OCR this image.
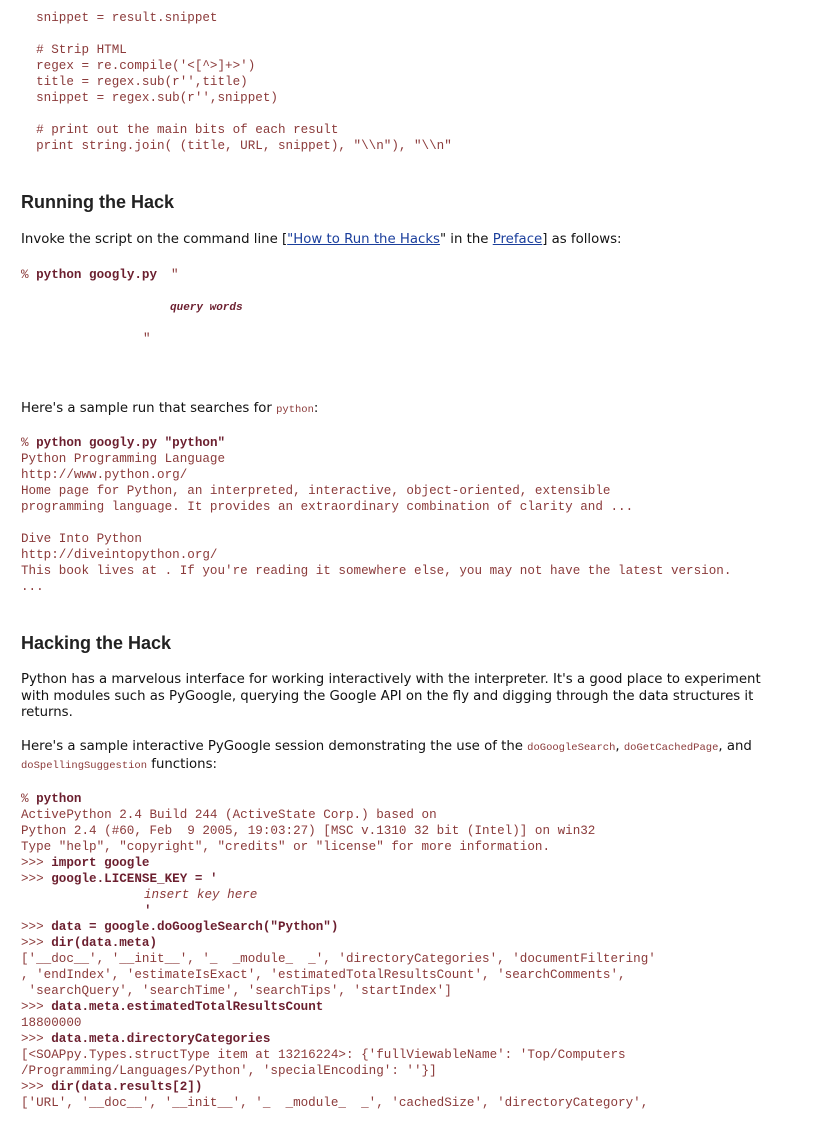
snippet = result.snippet
# Strip HTML
regex = re.compile('<[^>]+>')
title = regex.sub(r'',title)
snippet = regex.sub(r'',snippet)
# print out the main bits of each result
print string.join( (title, URL, snippet), "\\n"), "\\n"
Running the Hack

Invoke the script on the command line ["How to Run the Hacks" in the Preface] as follows:

% python googly.py "
query words
"

Here's a sample run that searches for python:

% python googly.py "python"
Python Programming Language
http://www.python.org/
Home page for Python, an interpreted, interactive, object-oriented, extensible
programming language. It provides an extraordinary combination of clarity and ...
Dive Into Python
http://diveintopython.org/
This book lives at . If you're reading it somewhere else, you may not have the latest version.
...
Hacking the Hack

Python has a marvelous interface for working interactively with the interpreter. It's a good place to experiment with modules such as PyGoogle, querying the Google API on the fly and digging through the data structures it returns.

Here's a sample interactive PyGoogle session demonstrating the use of the doGoogleSearch, doGetCachedPage, and doSpellingSuggestion functions:

% python
ActivePython 2.4 Build 244 (ActiveState Corp.) based on
Python 2.4 (#60, Feb  9 2005, 19:03:27) [MSC v.1310 32 bit (Intel)] on win32
Type "help", "copyright", "credits" or "license" for more information.
>>> import google
>>> google.LICENSE_KEY = '
insert key here
'
>>> data = google.doGoogleSearch("Python")
>>> dir(data.meta)
['__doc__', '__init__', '_  _module_  _', 'directoryCategories', 'documentFiltering'
, 'endIndex', 'estimateIsExact', 'estimatedTotalResultsCount', 'searchComments',
'searchQuery', 'searchTime', 'searchTips', 'startIndex']
>>> data.meta.estimatedTotalResultsCount
18800000
>>> data.meta.directoryCategories
[<SOAPpy.Types.structType item at 13216224>: {'fullViewableName': 'Top/Computers
/Programming/Languages/Python', 'specialEncoding': ''}]
>>> dir(data.results[2])
['URL', '__doc__', '__init__', '_  _module_  _', 'cachedSize', 'directoryCategory',
